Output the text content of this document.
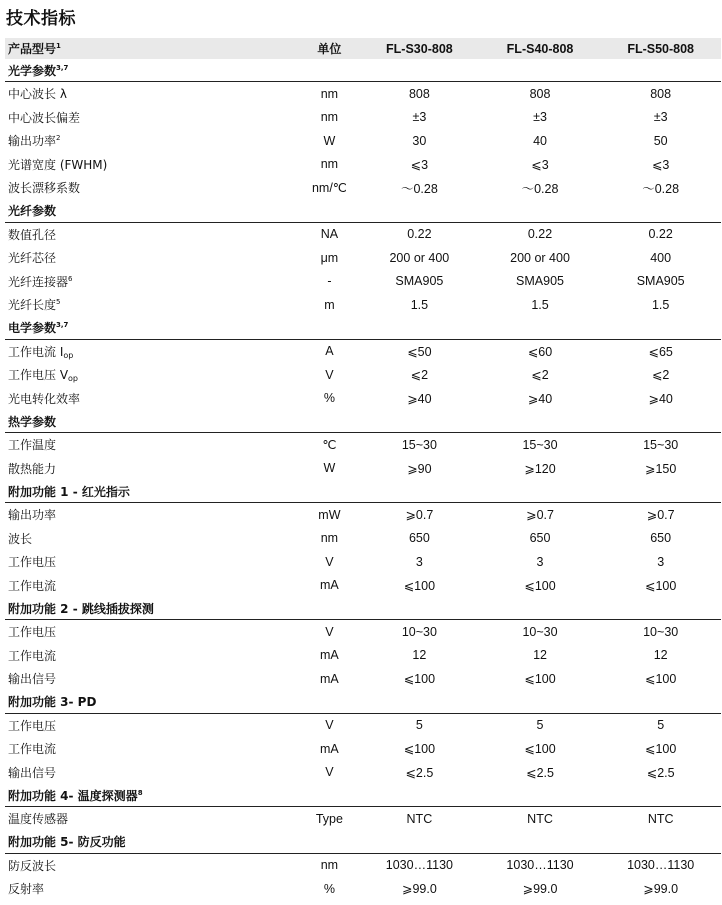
技术指标
产品型号$^1$	单位	FL-S30-808	FL-S40-808	FL-S50-808
光学参数$^{3,7}$
中心波长 λ	nm	808	808	808
中心波长偏差	nm	±3	±3	±3
输出功率$^2$	W	30	40	50
光谱宽度 (FWHM)	nm	⩽3	⩽3	⩽3
波长漂移系数	nm/℃	～0.28	～0.28	～0.28
光纤参数
数值孔径	NA	0.22	0.22	0.22
光纤芯径	μm	200 or 400	200 or 400	400
光纤连接器$^6$	-	SMA905	SMA905	SMA905
光纤长度$^5$	m	1.5	1.5	1.5
电学参数$^{3,7}$
工作电流 $I_{op}$	A	⩽50	⩽60	⩽65
工作电压 $V_{op}$	V	⩽2	⩽2	⩽2
光电转化效率	%	⩾40	⩾40	⩾40
热学参数
工作温度	℃	15~30	15~30	15~30
散热能力	W	⩾90	⩾120	⩾150
附加功能 1 - 红光指示
输出功率	mW	⩾0.7	⩾0.7	⩾0.7
波长	nm	650	650	650
工作电压	V	3	3	3
工作电流	mA	⩽100	⩽100	⩽100
附加功能 2 - 跳线插拔探测
工作电压	V	10~30	10~30	10~30
工作电流	mA	12	12	12
输出信号	mA	⩽100	⩽100	⩽100
附加功能 3- PD
工作电压	V	5	5	5
工作电流	mA	⩽100	⩽100	⩽100
输出信号	V	⩽2.5	⩽2.5	⩽2.5
附加功能 4- 温度探测器$^8$
温度传感器	Type	NTC	NTC	NTC
附加功能 5- 防反功能
防反波长	nm	1030…1130	1030…1130	1030…1130
反射率	%	⩾99.0	⩾99.0	⩾99.0
